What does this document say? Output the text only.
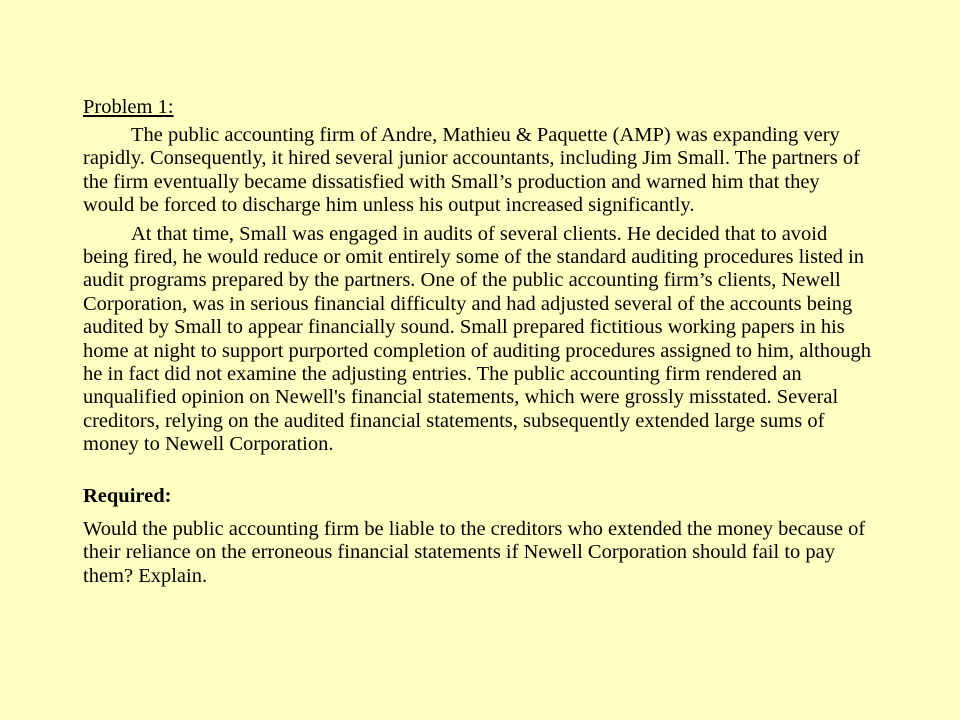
Problem 1:

The public accounting firm of Andre, Mathieu & Paquette (AMP) was expanding very rapidly. Consequently, it hired several junior accountants, including Jim Small. The partners of the firm eventually became dissatisfied with Small’s production and warned him that they would be forced to discharge him unless his output increased significantly.

At that time, Small was engaged in audits of several clients. He decided that to avoid being fired, he would reduce or omit entirely some of the standard auditing procedures listed in audit programs prepared by the partners. One of the public accounting firm’s clients, Newell Corporation, was in serious financial difficulty and had adjusted several of the accounts being audited by Small to appear financially sound. Small prepared fictitious working papers in his home at night to support purported completion of auditing procedures assigned to him, although he in fact did not examine the adjusting entries. The public accounting firm rendered an unqualified opinion on Newell's financial statements, which were grossly misstated. Several creditors, relying on the audited financial statements, subsequently extended large sums of money to Newell Corporation.

Required:

Would the public accounting firm be liable to the creditors who extended the money because of their reliance on the erroneous financial statements if Newell Corporation should fail to pay them? Explain.
